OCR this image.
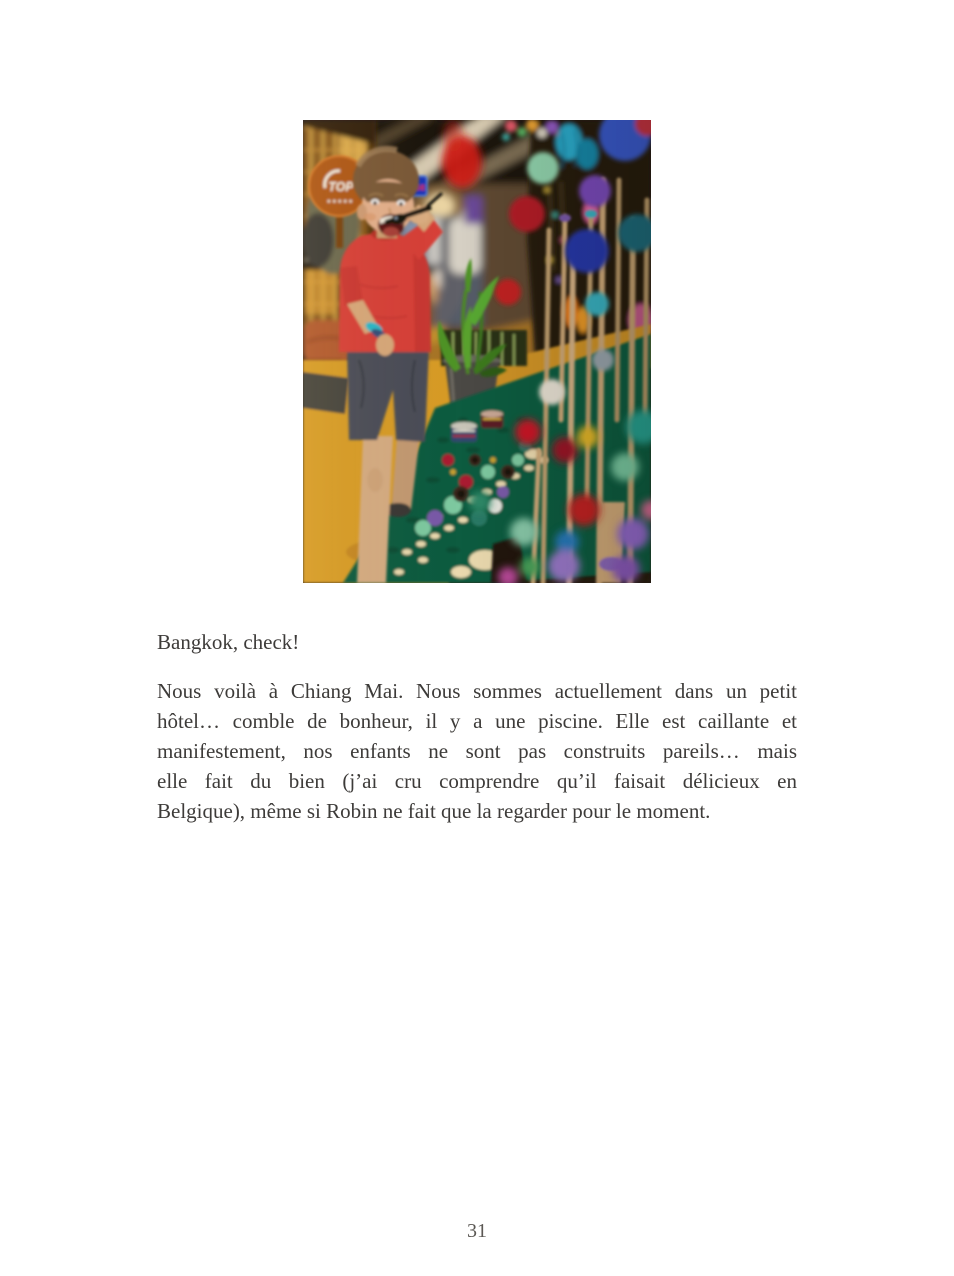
Bangkok, check!
Nous voilà à Chiang Mai. Nous sommes actuellement dans un petit
hôtel… comble de bonheur, il y a une piscine. Elle est caillante et
manifestement, nos enfants ne sont pas construits pareils… mais
elle fait du bien (j’ai cru comprendre qu’il faisait délicieux en
Belgique), même si Robin ne fait que la regarder pour le moment.
31
